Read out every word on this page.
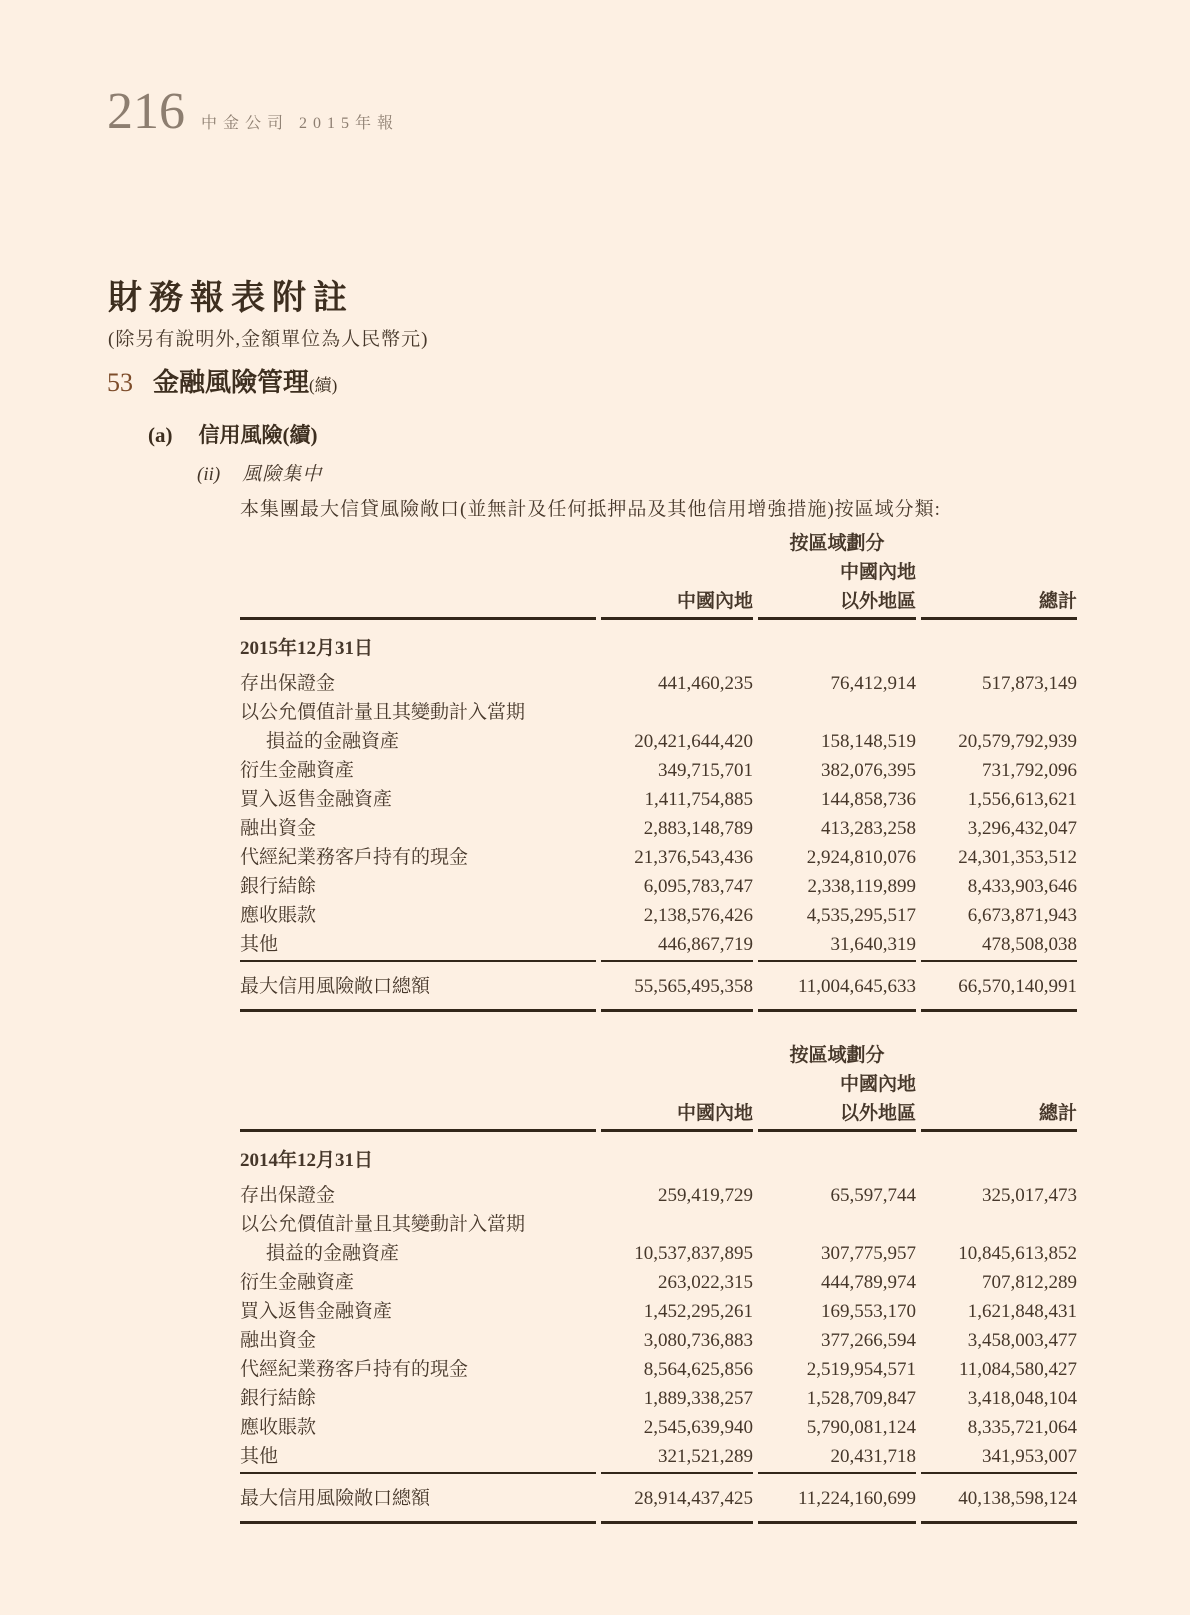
216 中金公司 2015年報
財務報表附註
(除另有說明外,金額單位為人民幣元)
53 金融風險管理(續)
(a) 信用風險(續)
(ii) 風險集中
本集團最大信貸風險敞口(並無計及任何抵押品及其他信用增強措施)按區域分類:
		按區域劃分	
		中國內地	
	中國內地	以外地區	總計
2015年12月31日			
存出保證金	441,460,235	76,412,914	517,873,149
以公允價值計量且其變動計入當期			
損益的金融資產	20,421,644,420	158,148,519	20,579,792,939
衍生金融資產	349,715,701	382,076,395	731,792,096
買入返售金融資產	1,411,754,885	144,858,736	1,556,613,621
融出資金	2,883,148,789	413,283,258	3,296,432,047
代經紀業務客戶持有的現金	21,376,543,436	2,924,810,076	24,301,353,512
銀行結餘	6,095,783,747	2,338,119,899	8,433,903,646
應收賬款	2,138,576,426	4,535,295,517	6,673,871,943
其他	446,867,719	31,640,319	478,508,038
最大信用風險敞口總額	55,565,495,358	11,004,645,633	66,570,140,991
		按區域劃分	
		中國內地	
	中國內地	以外地區	總計
2014年12月31日			
存出保證金	259,419,729	65,597,744	325,017,473
以公允價值計量且其變動計入當期			
損益的金融資產	10,537,837,895	307,775,957	10,845,613,852
衍生金融資產	263,022,315	444,789,974	707,812,289
買入返售金融資產	1,452,295,261	169,553,170	1,621,848,431
融出資金	3,080,736,883	377,266,594	3,458,003,477
代經紀業務客戶持有的現金	8,564,625,856	2,519,954,571	11,084,580,427
銀行結餘	1,889,338,257	1,528,709,847	3,418,048,104
應收賬款	2,545,639,940	5,790,081,124	8,335,721,064
其他	321,521,289	20,431,718	341,953,007
最大信用風險敞口總額	28,914,437,425	11,224,160,699	40,138,598,124
